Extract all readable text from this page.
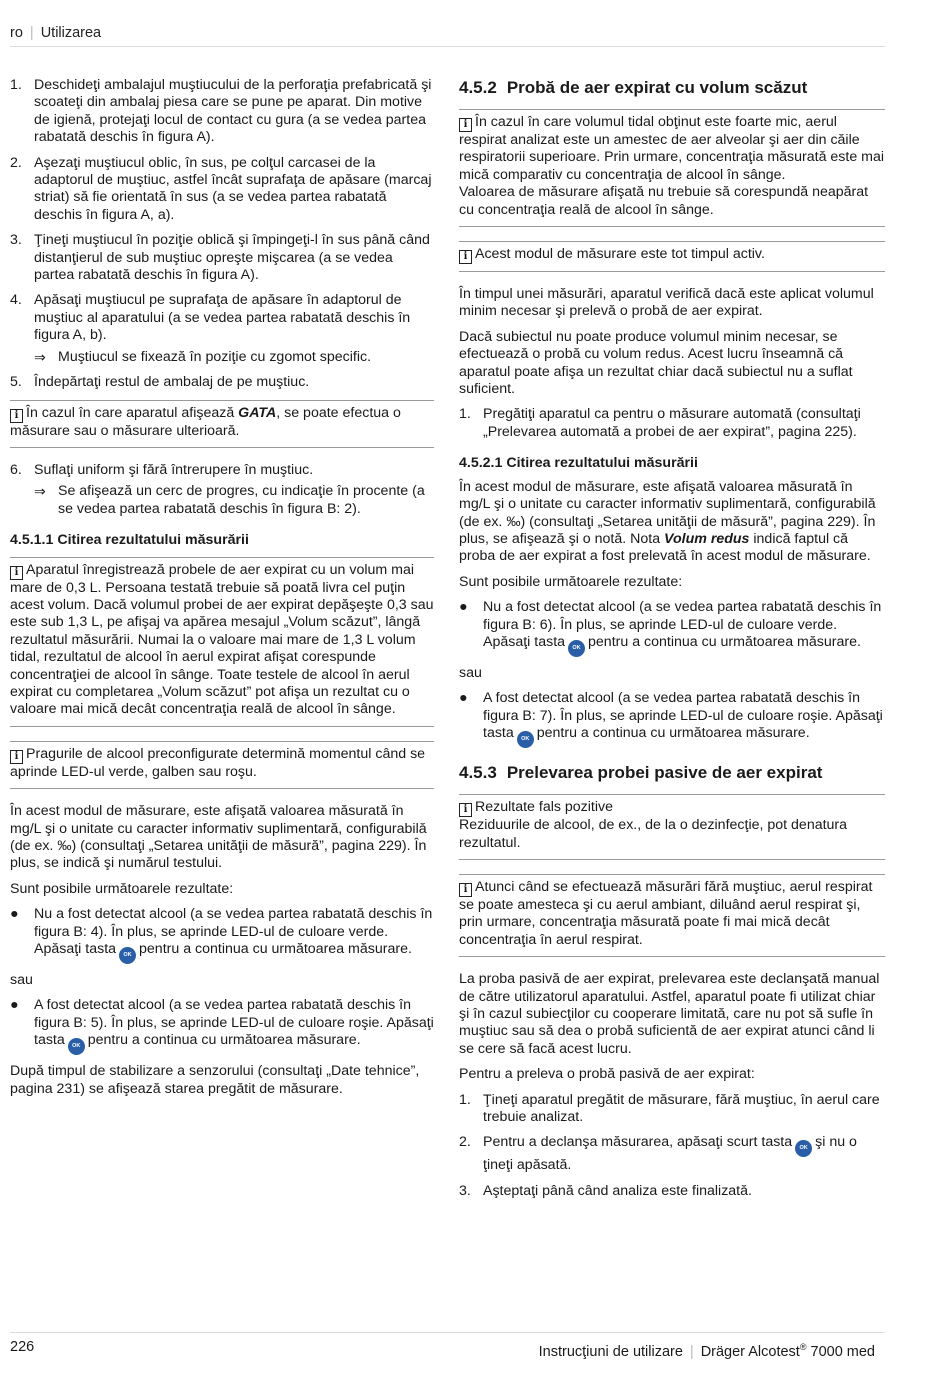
ro | Utilizarea
1. Deschideţi ambalajul muştiucului de la perforaţia prefabricată şi scoateţi din ambalaj piesa care se pune pe aparat. Din motive de igienă, protejaţi locul de contact cu gura (a se vedea partea rabatată deschis în figura A).
2. Aşezaţi muştiucul oblic, în sus, pe colţul carcasei de la adaptorul de muştiuc, astfel încât suprafaţa de apăsare (marcaj striat) să fie orientată în sus (a se vedea partea rabatată deschis în figura A, a).
3. Ţineţi muştiucul în poziţie oblică şi împingeţi-l în sus până când distanţierul de sub muştiuc opreşte mişcarea (a se vedea partea rabatată deschis în figura A).
4. Apăsaţi muştiucul pe suprafaţa de apăsare în adaptorul de muştiuc al aparatului (a se vedea partea rabatată deschis în figura A, b).
⇒ Muştiucul se fixează în poziţie cu zgomot specific.
5. Îndepărtaţi restul de ambalaj de pe muştiuc.
i În cazul în care aparatul afişează GATA, se poate efectua o măsurare sau o măsurare ulterioară.
6. Suflaţi uniform şi fără întrerupere în muştiuc.
⇒ Se afişează un cerc de progres, cu indicaţie în procente (a se vedea partea rabatată deschis în figura B: 2).
4.5.1.1 Citirea rezultatului măsurării
i Aparatul înregistrează probele de aer expirat cu un volum mai mare de 0,3 L. Persoana testată trebuie să poată livra cel puţin acest volum. Dacă volumul probei de aer expirat depăşeşte 0,3 sau este sub 1,3 L, pe afişaj va apărea mesajul „Volum scăzut”, lângă rezultatul măsurării. Numai la o valoare mai mare de 1,3 L volum tidal, rezultatul de alcool în aerul expirat afişat corespunde concentraţiei de alcool în sânge. Toate testele de alcool în aerul expirat cu completarea „Volum scăzut” pot afişa un rezultat cu o valoare mai mică decât concentraţia reală de alcool în sânge.
i Pragurile de alcool preconfigurate determină momentul când se aprinde LED-ul verde, galben sau roşu.

În acest modul de măsurare, este afişată valoarea măsurată în mg/L şi o unitate cu caracter informativ suplimentară, configurabilă (de ex. ‰) (consultaţi „Setarea unităţii de măsură”, pagina 229). În plus, se indică şi numărul testului.

Sunt posibile următoarele rezultate:

● Nu a fost detectat alcool (a se vedea partea rabatată deschis în figura B: 4). În plus, se aprinde LED-ul de culoare verde. Apăsaţi tasta OK pentru a continua cu următoarea măsurare.

sau

● A fost detectat alcool (a se vedea partea rabatată deschis în figura B: 5). În plus, se aprinde LED-ul de culoare roşie. Apăsaţi tasta OK pentru a continua cu următoarea măsurare.

După timpul de stabilizare a senzorului (consultaţi „Date tehnice”, pagina 231) se afişează starea pregătit de măsurare.

4.5.2 Probă de aer expirat cu volum scăzut
i În cazul în care volumul tidal obţinut este foarte mic, aerul respirat analizat este un amestec de aer alveolar şi aer din căile respiratorii superioare. Prin urmare, concentraţia măsurată este mai mică comparativ cu concentraţia de alcool în sânge.
Valoarea de măsurare afişată nu trebuie să corespundă neapărat cu concentraţia reală de alcool în sânge.
i Acest modul de măsurare este tot timpul activ.

În timpul unei măsurări, aparatul verifică dacă este aplicat volumul minim necesar şi prelevă o probă de aer expirat.

Dacă subiectul nu poate produce volumul minim necesar, se efectuează o probă cu volum redus. Acest lucru înseamnă că aparatul poate afişa un rezultat chiar dacă subiectul nu a suflat suficient.

1. Pregătiţi aparatul ca pentru o măsurare automată (consultaţi „Prelevarea automată a probei de aer expirat”, pagina 225).
4.5.2.1 Citirea rezultatului măsurării

În acest modul de măsurare, este afişată valoarea măsurată în mg/L şi o unitate cu caracter informativ suplimentară, configurabilă (de ex. ‰) (consultaţi „Setarea unităţii de măsură”, pagina 229). În plus, se afişează şi o notă. Nota Volum redus indică faptul că proba de aer expirat a fost prelevată în acest modul de măsurare.

Sunt posibile următoarele rezultate:

● Nu a fost detectat alcool (a se vedea partea rabatată deschis în figura B: 6). În plus, se aprinde LED-ul de culoare verde. Apăsaţi tasta OK pentru a continua cu următoarea măsurare.

sau

● A fost detectat alcool (a se vedea partea rabatată deschis în figura B: 7). În plus, se aprinde LED-ul de culoare roşie. Apăsaţi tasta OK pentru a continua cu următoarea măsurare.
4.5.3 Prelevarea probei pasive de aer expirat
i Rezultate fals pozitive
Reziduurile de alcool, de ex., de la o dezinfecţie, pot denatura rezultatul.
i Atunci când se efectuează măsurări fără muştiuc, aerul respirat se poate amesteca şi cu aerul ambiant, diluând aerul respirat şi, prin urmare, concentraţia măsurată poate fi mai mică decât concentraţia în aerul respirat.

La proba pasivă de aer expirat, prelevarea este declanşată manual de către utilizatorul aparatului. Astfel, aparatul poate fi utilizat chiar şi în cazul subiecţilor cu cooperare limitată, care nu pot să sufle în muştiuc sau să dea o probă suficientă de aer expirat atunci când li se cere să facă acest lucru.

Pentru a preleva o probă pasivă de aer expirat:

1. Ţineţi aparatul pregătit de măsurare, fără muştiuc, în aerul care trebuie analizat.
2. Pentru a declanşa măsurarea, apăsaţi scurt tasta OK şi nu o ţineţi apăsată.
3. Aşteptaţi până când analiza este finalizată.
226	Instrucţiuni de utilizare | Dräger Alcotest® 7000 med
